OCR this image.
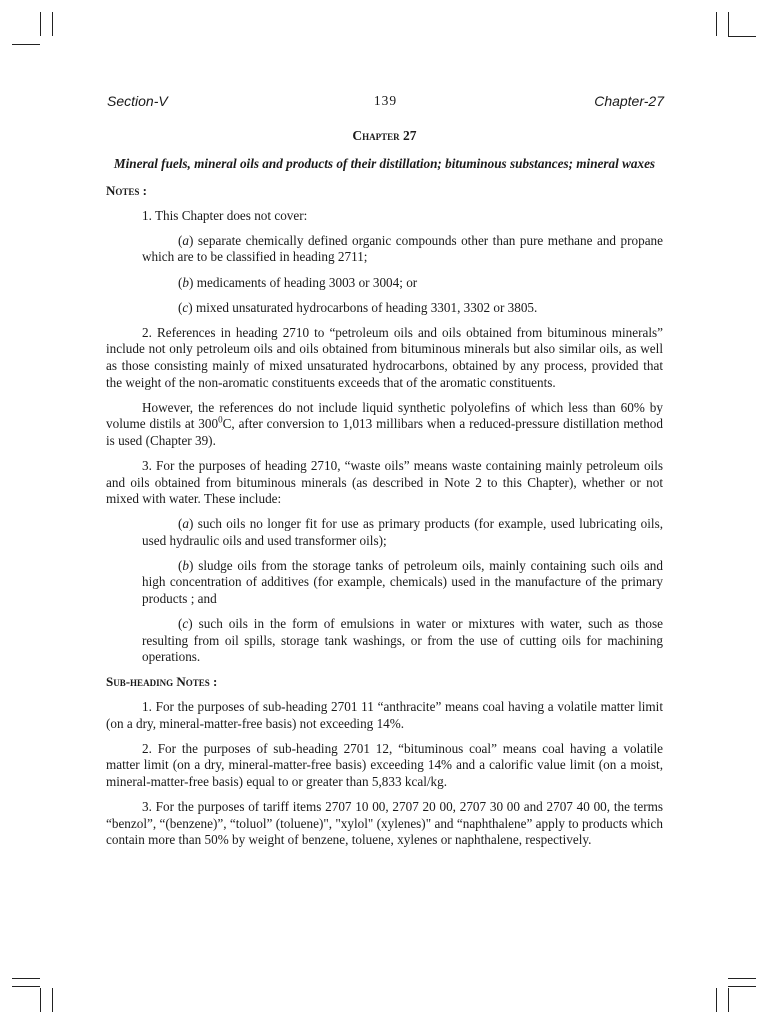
Section-V	139	Chapter-27
Chapter 27
Mineral fuels, mineral oils and products of their distillation; bituminous substances; mineral waxes
Notes :

1. This Chapter does not cover:

(a) separate chemically defined organic compounds other than pure methane and propane which are to be classified in heading 2711;

(b) medicaments of heading 3003 or 3004; or

(c) mixed unsaturated hydrocarbons of heading 3301, 3302 or 3805.

2. References in heading 2710 to “petroleum oils and oils obtained from bituminous minerals” include not only petroleum oils and oils obtained from bituminous minerals but also similar oils, as well as those consisting mainly of mixed unsaturated hydrocarbons, obtained by any process, provided that the weight of the non-aromatic constituents exceeds that of the aromatic constituents.

However, the references do not include liquid synthetic polyolefins of which less than 60% by volume distils at $300^0C$, after conversion to 1,013 millibars when a reduced-pressure distillation method is used (Chapter 39).

3. For the purposes of heading 2710, “waste oils” means waste containing mainly petroleum oils and oils obtained from bituminous minerals (as described in Note 2 to this Chapter), whether or not mixed with water. These include:

(a) such oils no longer fit for use as primary products (for example, used lubricating oils, used hydraulic oils and used transformer oils);

(b) sludge oils from the storage tanks of petroleum oils, mainly containing such oils and high concentration of additives (for example, chemicals) used in the manufacture of the primary products ; and

(c) such oils in the form of emulsions in water or mixtures with water, such as those resulting from oil spills, storage tank washings, or from the use of cutting oils for machining operations.

Sub-heading Notes :

1. For the purposes of sub-heading 2701 11 “anthracite” means coal having a volatile matter limit (on a dry, mineral-matter-free basis) not exceeding 14%.

2. For the purposes of sub-heading 2701 12, “bituminous coal” means coal having a volatile matter limit (on a dry, mineral-matter-free basis) exceeding 14% and a calorific value limit (on a moist, mineral-matter-free basis) equal to or greater than 5,833 kcal/kg.

3. For the purposes of tariff items 2707 10 00, 2707 20 00, 2707 30 00 and 2707 40 00, the terms “benzol”, “(benzene)”, “toluol” (toluene)", "xylol" (xylenes)" and “naphthalene” apply to products which contain more than 50% by weight of benzene, toluene, xylenes or naphthalene, respectively.
